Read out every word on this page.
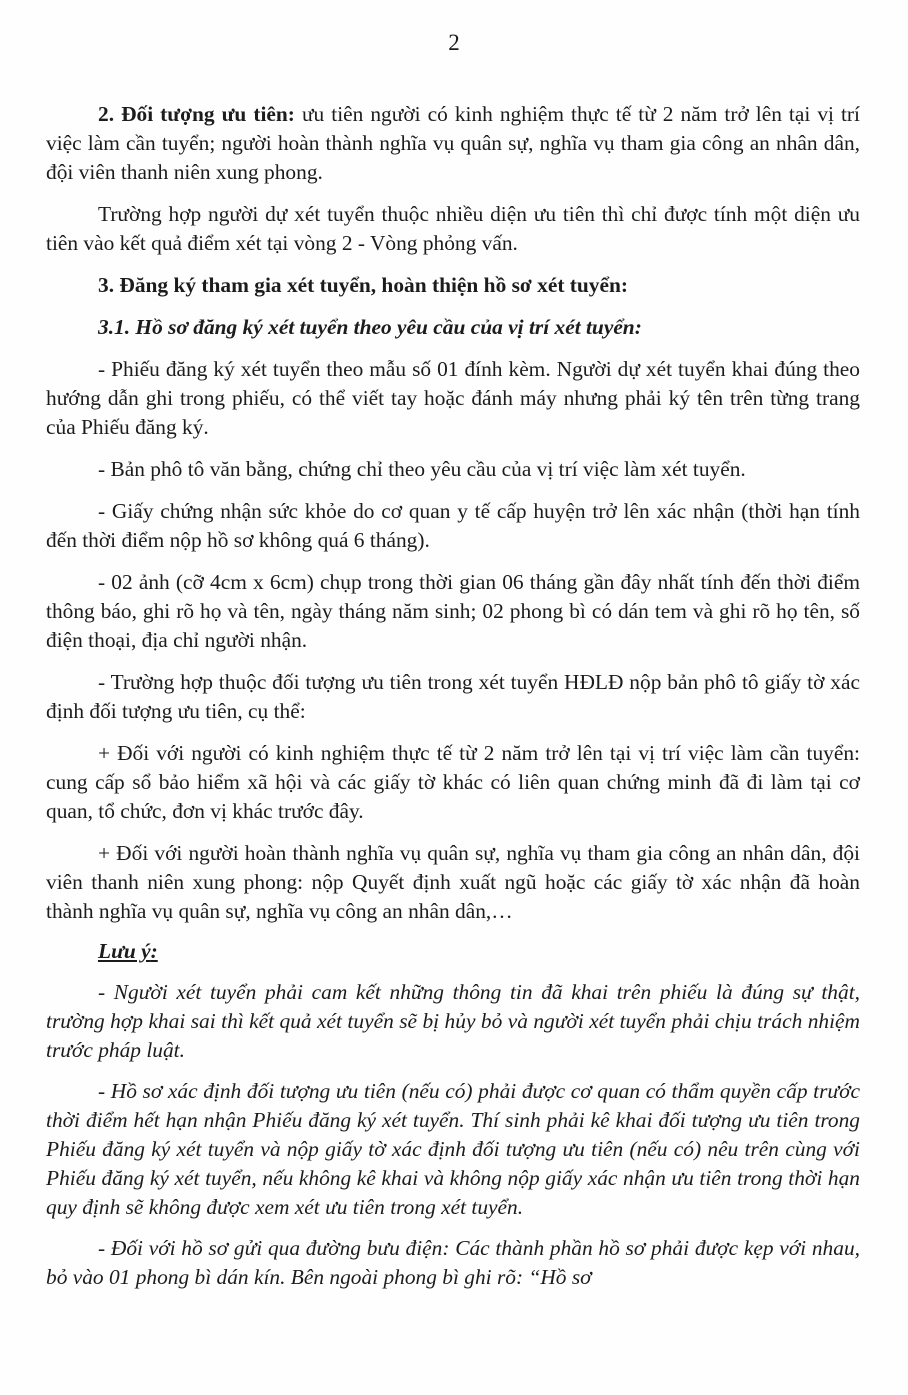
2

2. Đối tượng ưu tiên: ưu tiên người có kinh nghiệm thực tế từ 2 năm trở lên tại vị trí việc làm cần tuyển; người hoàn thành nghĩa vụ quân sự, nghĩa vụ tham gia công an nhân dân, đội viên thanh niên xung phong.

Trường hợp người dự xét tuyển thuộc nhiều diện ưu tiên thì chỉ được tính một diện ưu tiên vào kết quả điểm xét tại vòng 2 - Vòng phỏng vấn.

3. Đăng ký tham gia xét tuyển, hoàn thiện hồ sơ xét tuyển:

3.1. Hồ sơ đăng ký xét tuyển theo yêu cầu của vị trí xét tuyển:

- Phiếu đăng ký xét tuyển theo mẫu số 01 đính kèm. Người dự xét tuyển khai đúng theo hướng dẫn ghi trong phiếu, có thể viết tay hoặc đánh máy nhưng phải ký tên trên từng trang của Phiếu đăng ký.

- Bản phô tô văn bằng, chứng chỉ theo yêu cầu của vị trí việc làm xét tuyển.

- Giấy chứng nhận sức khỏe do cơ quan y tế cấp huyện trở lên xác nhận (thời hạn tính đến thời điểm nộp hồ sơ không quá 6 tháng).

- 02 ảnh (cỡ 4cm x 6cm) chụp trong thời gian 06 tháng gần đây nhất tính đến thời điểm thông báo, ghi rõ họ và tên, ngày tháng năm sinh; 02 phong bì có dán tem và ghi rõ họ tên, số điện thoại, địa chỉ người nhận.

- Trường hợp thuộc đối tượng ưu tiên trong xét tuyển HĐLĐ nộp bản phô tô giấy tờ xác định đối tượng ưu tiên, cụ thể:

+ Đối với người có kinh nghiệm thực tế từ 2 năm trở lên tại vị trí việc làm cần tuyển: cung cấp sổ bảo hiểm xã hội và các giấy tờ khác có liên quan chứng minh đã đi làm tại cơ quan, tổ chức, đơn vị khác trước đây.

+ Đối với người hoàn thành nghĩa vụ quân sự, nghĩa vụ tham gia công an nhân dân, đội viên thanh niên xung phong: nộp Quyết định xuất ngũ hoặc các giấy tờ xác nhận đã hoàn thành nghĩa vụ quân sự, nghĩa vụ công an nhân dân,…

Lưu ý:

- Người xét tuyển phải cam kết những thông tin đã khai trên phiếu là đúng sự thật, trường hợp khai sai thì kết quả xét tuyển sẽ bị hủy bỏ và người xét tuyển phải chịu trách nhiệm trước pháp luật.

- Hồ sơ xác định đối tượng ưu tiên (nếu có) phải được cơ quan có thẩm quyền cấp trước thời điểm hết hạn nhận Phiếu đăng ký xét tuyển. Thí sinh phải kê khai đối tượng ưu tiên trong Phiếu đăng ký xét tuyển và nộp giấy tờ xác định đối tượng ưu tiên (nếu có) nêu trên cùng với Phiếu đăng ký xét tuyển, nếu không kê khai và không nộp giấy xác nhận ưu tiên trong thời hạn quy định sẽ không được xem xét ưu tiên trong xét tuyển.

- Đối với hồ sơ gửi qua đường bưu điện: Các thành phần hồ sơ phải được kẹp với nhau, bỏ vào 01 phong bì dán kín. Bên ngoài phong bì ghi rõ: “Hồ sơ
